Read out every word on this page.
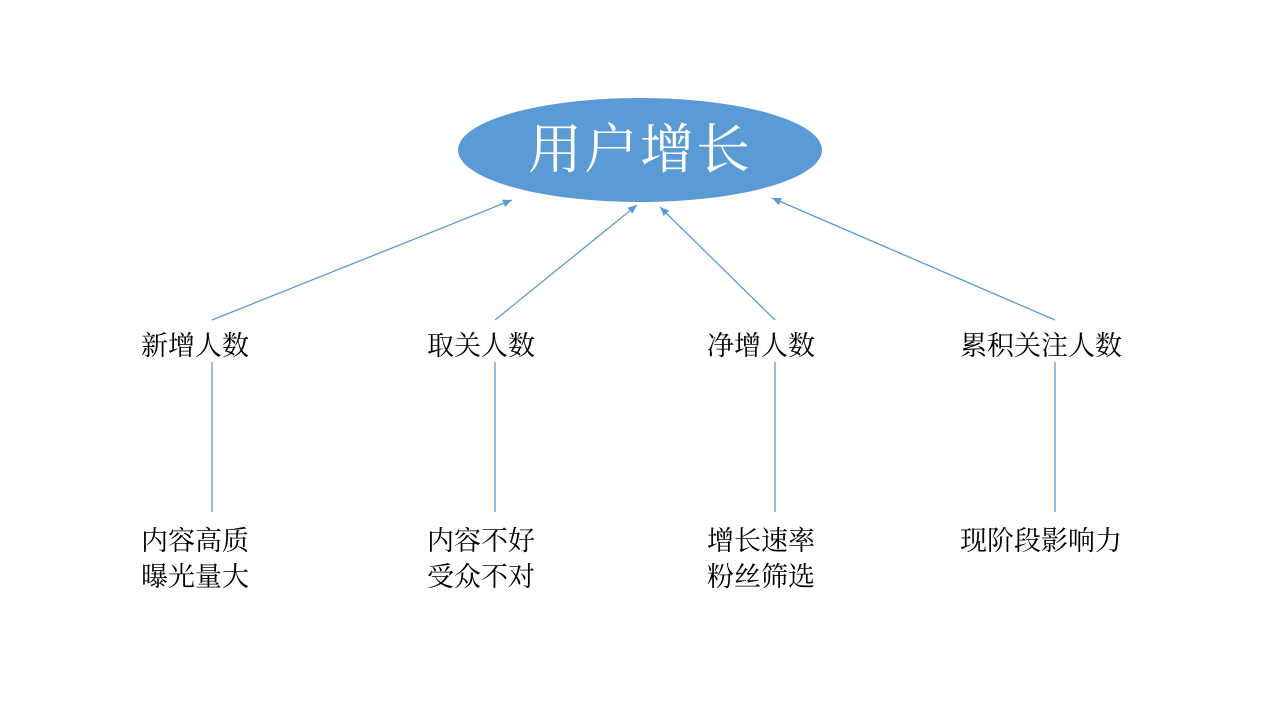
用户增长
新增人数	取关人数	净增人数	累积关注人数
内容高质
曝光量大
内容不好
受众不对
增长速率
粉丝筛选
现阶段影响力
